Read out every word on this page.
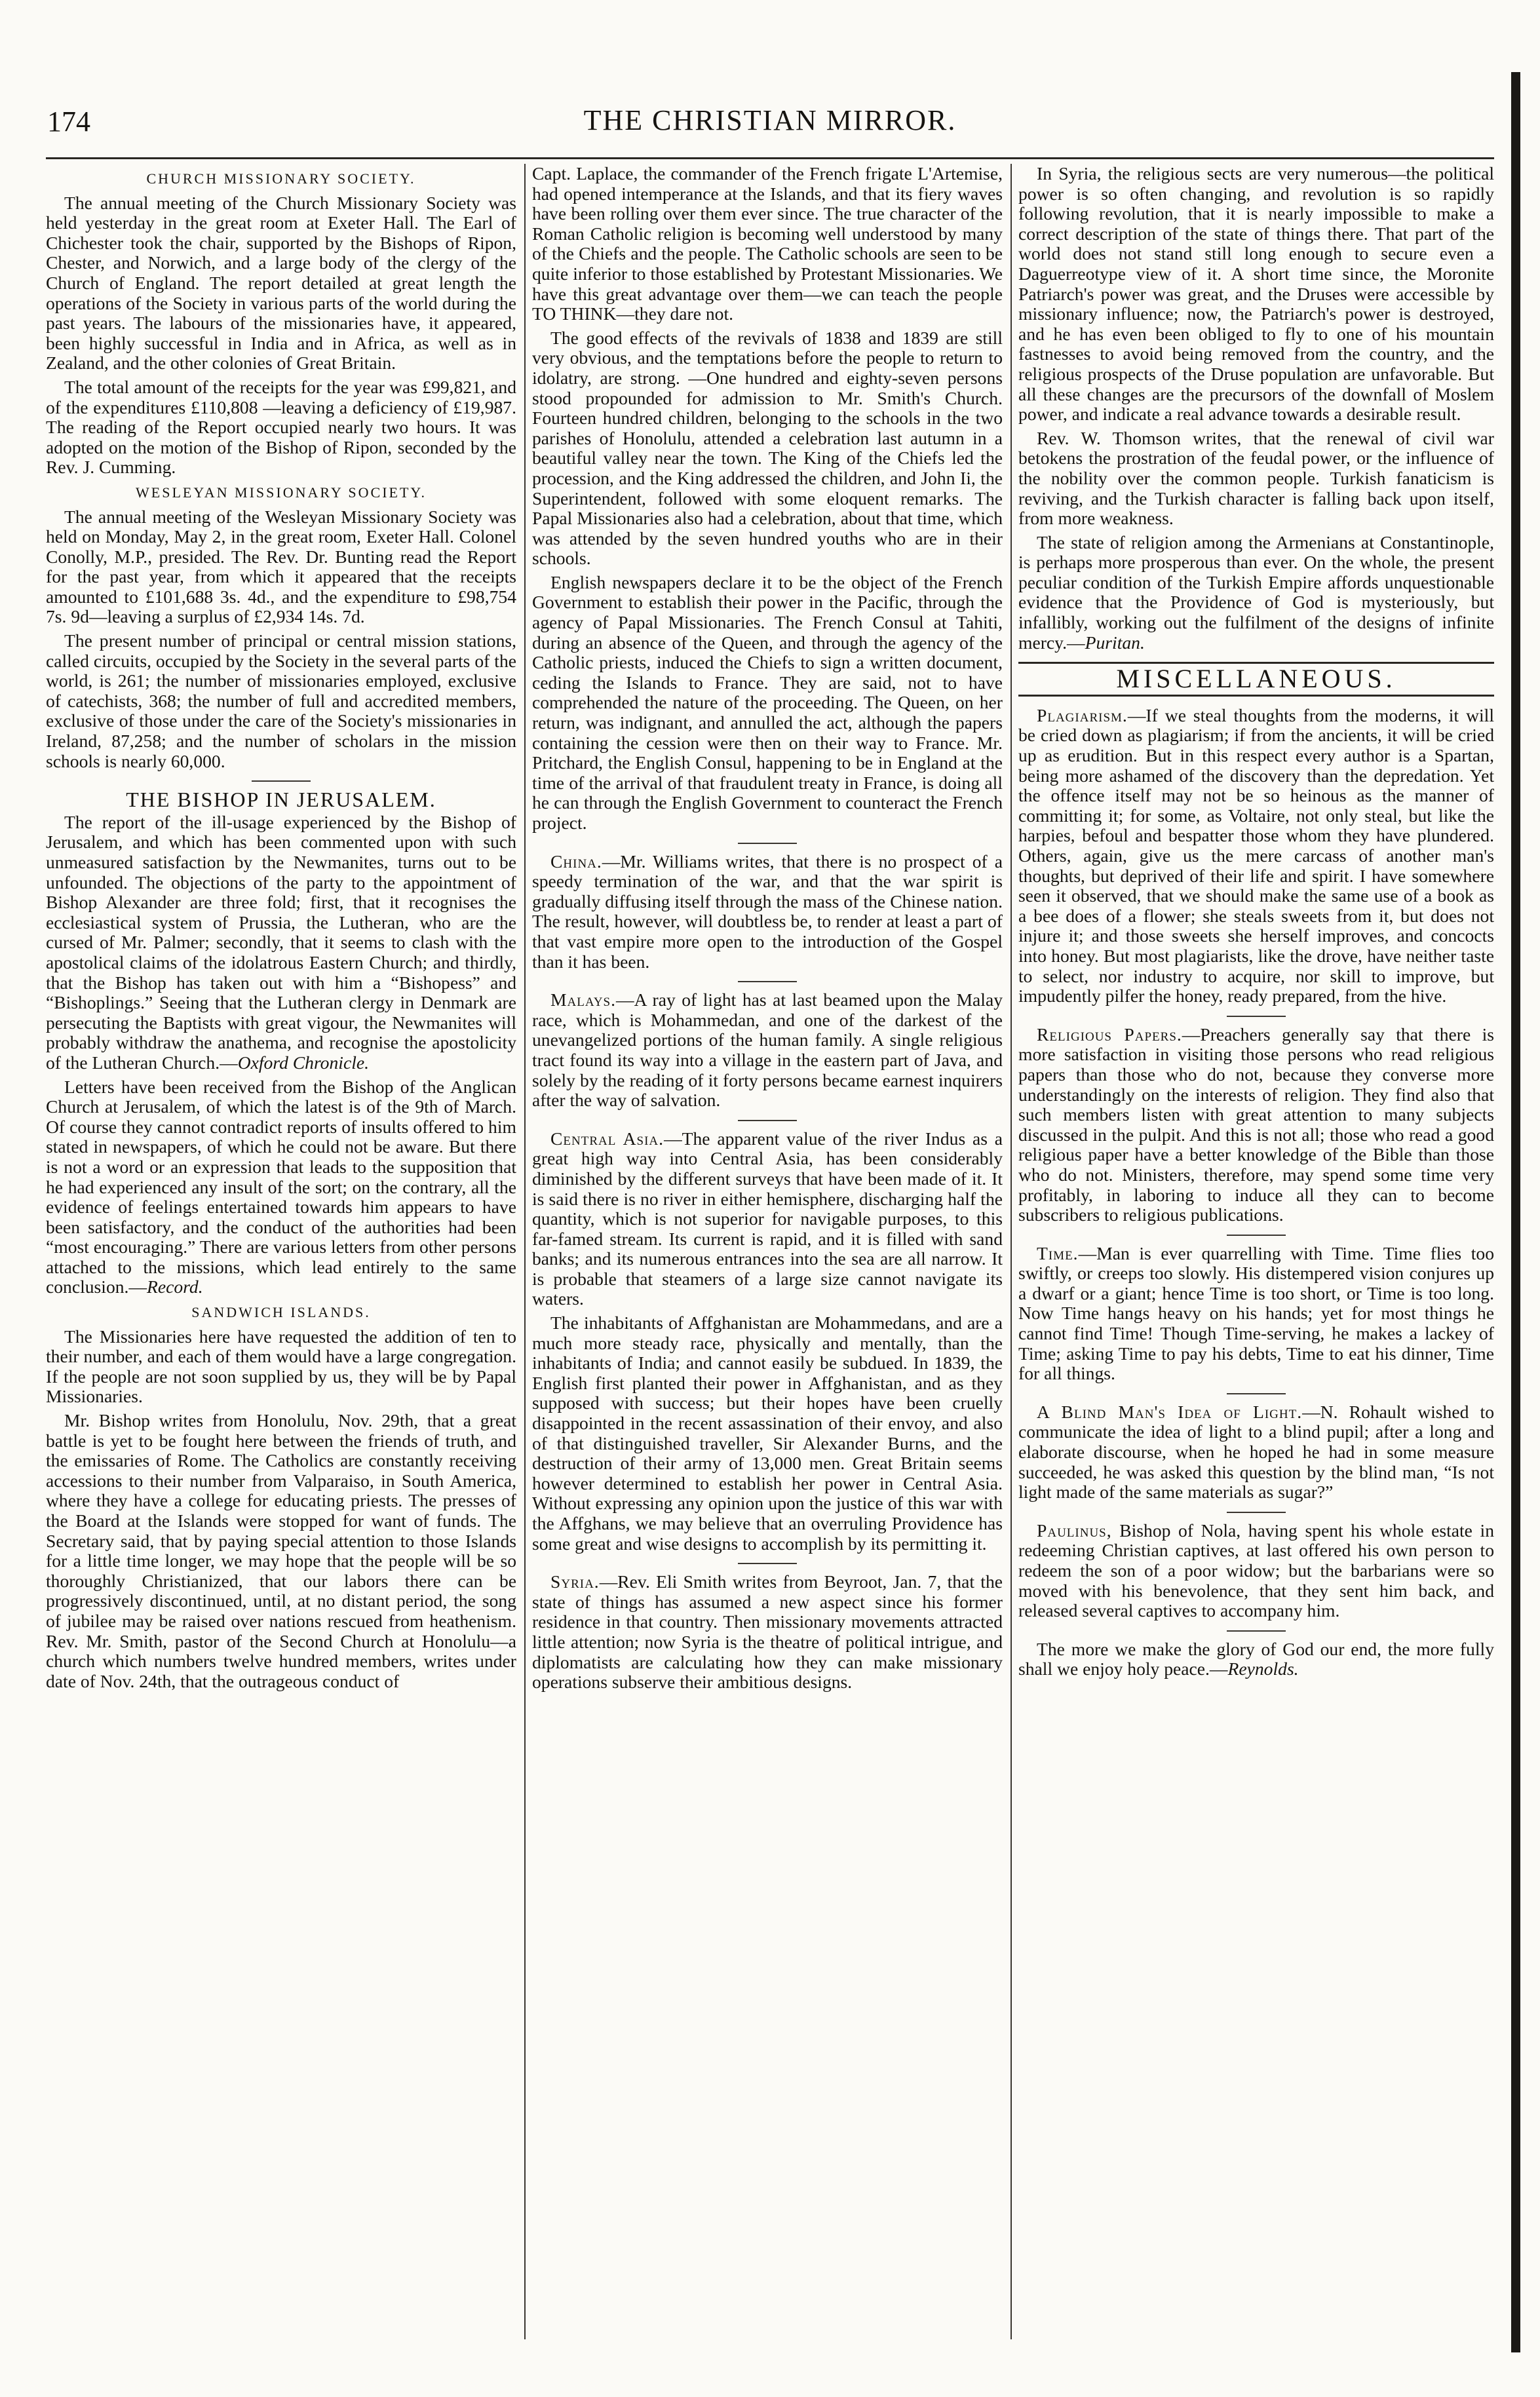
174	THE CHRISTIAN MIRROR.
CHURCH MISSIONARY SOCIETY.

The annual meeting of the Church Missionary Society was held yesterday in the great room at Exeter Hall. The Earl of Chichester took the chair, supported by the Bishops of Ripon, Chester, and Norwich, and a large body of the clergy of the Church of England. The report detailed at great length the operations of the Society in various parts of the world during the past years. The labours of the missionaries have, it appeared, been highly successful in India and in Africa, as well as in Zealand, and the other colonies of Great Britain.

The total amount of the receipts for the year was £99,821, and of the expenditures £110,808 —leaving a deficiency of £19,987. The reading of the Report occupied nearly two hours. It was adopted on the motion of the Bishop of Ripon, seconded by the Rev. J. Cumming.

WESLEYAN MISSIONARY SOCIETY.

The annual meeting of the Wesleyan Missionary Society was held on Monday, May 2, in the great room, Exeter Hall. Colonel Conolly, M.P., presided. The Rev. Dr. Bunting read the Report for the past year, from which it appeared that the receipts amounted to £101,688 3s. 4d., and the expenditure to £98,754 7s. 9d—leaving a surplus of £2,934 14s. 7d.

The present number of principal or central mission stations, called circuits, occupied by the Society in the several parts of the world, is 261; the number of missionaries employed, exclusive of catechists, 368; the number of full and accredited members, exclusive of those under the care of the Society's missionaries in Ireland, 87,258; and the number of scholars in the mission schools is nearly 60,000.

THE BISHOP IN JERUSALEM.

The report of the ill-usage experienced by the Bishop of Jerusalem, and which has been commented upon with such unmeasured satisfaction by the Newmanites, turns out to be unfounded. The objections of the party to the appointment of Bishop Alexander are three fold; first, that it recognises the ecclesiastical system of Prussia, the Lutheran, who are the cursed of Mr. Palmer; secondly, that it seems to clash with the apostolical claims of the idolatrous Eastern Church; and thirdly, that the Bishop has taken out with him a “Bishopess” and “Bishoplings.” Seeing that the Lutheran clergy in Denmark are persecuting the Baptists with great vigour, the Newmanites will probably withdraw the anathema, and recognise the apostolicity of the Lutheran Church.—Oxford Chronicle.

Letters have been received from the Bishop of the Anglican Church at Jerusalem, of which the latest is of the 9th of March. Of course they cannot contradict reports of insults offered to him stated in newspapers, of which he could not be aware. But there is not a word or an expression that leads to the supposition that he had experienced any insult of the sort; on the contrary, all the evidence of feelings entertained towards him appears to have been satisfactory, and the conduct of the authorities had been “most encouraging.” There are various letters from other persons attached to the missions, which lead entirely to the same conclusion.—Record.

SANDWICH ISLANDS.

The Missionaries here have requested the addition of ten to their number, and each of them would have a large congregation. If the people are not soon supplied by us, they will be by Papal Missionaries.

Mr. Bishop writes from Honolulu, Nov. 29th, that a great battle is yet to be fought here between the friends of truth, and the emissaries of Rome. The Catholics are constantly receiving accessions to their number from Valparaiso, in South America, where they have a college for educating priests. The presses of the Board at the Islands were stopped for want of funds. The Secretary said, that by paying special attention to those Islands for a little time longer, we may hope that the people will be so thoroughly Christianized, that our labors there can be progressively discontinued, until, at no distant period, the song of jubilee may be raised over nations rescued from heathenism. Rev. Mr. Smith, pastor of the Second Church at Honolulu—a church which numbers twelve hundred members, writes under date of Nov. 24th, that the outrageous conduct of

Capt. Laplace, the commander of the French frigate L'Artemise, had opened intemperance at the Islands, and that its fiery waves have been rolling over them ever since. The true character of the Roman Catholic religion is becoming well understood by many of the Chiefs and the people. The Catholic schools are seen to be quite inferior to those established by Protestant Missionaries. We have this great advantage over them—we can teach the people TO THINK—they dare not.

The good effects of the revivals of 1838 and 1839 are still very obvious, and the temptations before the people to return to idolatry, are strong. —One hundred and eighty-seven persons stood propounded for admission to Mr. Smith's Church. Fourteen hundred children, belonging to the schools in the two parishes of Honolulu, attended a celebration last autumn in a beautiful valley near the town. The King of the Chiefs led the procession, and the King addressed the children, and John Ii, the Superintendent, followed with some eloquent remarks. The Papal Missionaries also had a celebration, about that time, which was attended by the seven hundred youths who are in their schools.

English newspapers declare it to be the object of the French Government to establish their power in the Pacific, through the agency of Papal Missionaries. The French Consul at Tahiti, during an absence of the Queen, and through the agency of the Catholic priests, induced the Chiefs to sign a written document, ceding the Islands to France. They are said, not to have comprehended the nature of the proceeding. The Queen, on her return, was indignant, and annulled the act, although the papers containing the cession were then on their way to France. Mr. Pritchard, the English Consul, happening to be in England at the time of the arrival of that fraudulent treaty in France, is doing all he can through the English Government to counteract the French project.

China.—Mr. Williams writes, that there is no prospect of a speedy termination of the war, and that the war spirit is gradually diffusing itself through the mass of the Chinese nation. The result, however, will doubtless be, to render at least a part of that vast empire more open to the introduction of the Gospel than it has been.

Malays.—A ray of light has at last beamed upon the Malay race, which is Mohammedan, and one of the darkest of the unevangelized portions of the human family. A single religious tract found its way into a village in the eastern part of Java, and solely by the reading of it forty persons became earnest inquirers after the way of salvation.

Central Asia.—The apparent value of the river Indus as a great high way into Central Asia, has been considerably diminished by the different surveys that have been made of it. It is said there is no river in either hemisphere, discharging half the quantity, which is not superior for navigable purposes, to this far-famed stream. Its current is rapid, and it is filled with sand banks; and its numerous entrances into the sea are all narrow. It is probable that steamers of a large size cannot navigate its waters.

The inhabitants of Affghanistan are Mohammedans, and are a much more steady race, physically and mentally, than the inhabitants of India; and cannot easily be subdued. In 1839, the English first planted their power in Affghanistan, and as they supposed with success; but their hopes have been cruelly disappointed in the recent assassination of their envoy, and also of that distinguished traveller, Sir Alexander Burns, and the destruction of their army of 13,000 men. Great Britain seems however determined to establish her power in Central Asia. Without expressing any opinion upon the justice of this war with the Affghans, we may believe that an overruling Providence has some great and wise designs to accomplish by its permitting it.

Syria.—Rev. Eli Smith writes from Beyroot, Jan. 7, that the state of things has assumed a new aspect since his former residence in that country. Then missionary movements attracted little attention; now Syria is the theatre of political intrigue, and diplomatists are calculating how they can make missionary operations subserve their ambitious designs.

In Syria, the religious sects are very numerous—the political power is so often changing, and revolution is so rapidly following revolution, that it is nearly impossible to make a correct description of the state of things there. That part of the world does not stand still long enough to secure even a Daguerreotype view of it. A short time since, the Moronite Patriarch's power was great, and the Druses were accessible by missionary influence; now, the Patriarch's power is destroyed, and he has even been obliged to fly to one of his mountain fastnesses to avoid being removed from the country, and the religious prospects of the Druse population are unfavorable. But all these changes are the precursors of the downfall of Moslem power, and indicate a real advance towards a desirable result.

Rev. W. Thomson writes, that the renewal of civil war betokens the prostration of the feudal power, or the influence of the nobility over the common people. Turkish fanaticism is reviving, and the Turkish character is falling back upon itself, from more weakness.

The state of religion among the Armenians at Constantinople, is perhaps more prosperous than ever. On the whole, the present peculiar condition of the Turkish Empire affords unquestionable evidence that the Providence of God is mysteriously, but infallibly, working out the fulfilment of the designs of infinite mercy.—Puritan.

MISCELLANEOUS.

Plagiarism.—If we steal thoughts from the moderns, it will be cried down as plagiarism; if from the ancients, it will be cried up as erudition. But in this respect every author is a Spartan, being more ashamed of the discovery than the depredation. Yet the offence itself may not be so heinous as the manner of committing it; for some, as Voltaire, not only steal, but like the harpies, befoul and bespatter those whom they have plundered. Others, again, give us the mere carcass of another man's thoughts, but deprived of their life and spirit. I have somewhere seen it observed, that we should make the same use of a book as a bee does of a flower; she steals sweets from it, but does not injure it; and those sweets she herself improves, and concocts into honey. But most plagiarists, like the drove, have neither taste to select, nor industry to acquire, nor skill to improve, but impudently pilfer the honey, ready prepared, from the hive.

Religious Papers.—Preachers generally say that there is more satisfaction in visiting those persons who read religious papers than those who do not, because they converse more understandingly on the interests of religion. They find also that such members listen with great attention to many subjects discussed in the pulpit. And this is not all; those who read a good religious paper have a better knowledge of the Bible than those who do not. Ministers, therefore, may spend some time very profitably, in laboring to induce all they can to become subscribers to religious publications.

Time.—Man is ever quarrelling with Time. Time flies too swiftly, or creeps too slowly. His distempered vision conjures up a dwarf or a giant; hence Time is too short, or Time is too long. Now Time hangs heavy on his hands; yet for most things he cannot find Time! Though Time-serving, he makes a lackey of Time; asking Time to pay his debts, Time to eat his dinner, Time for all things.

A Blind Man's Idea of Light.—N. Rohault wished to communicate the idea of light to a blind pupil; after a long and elaborate discourse, when he hoped he had in some measure succeeded, he was asked this question by the blind man, “Is not light made of the same materials as sugar?”

Paulinus, Bishop of Nola, having spent his whole estate in redeeming Christian captives, at last offered his own person to redeem the son of a poor widow; but the barbarians were so moved with his benevolence, that they sent him back, and released several captives to accompany him.

The more we make the glory of God our end, the more fully shall we enjoy holy peace.—Reynolds.
